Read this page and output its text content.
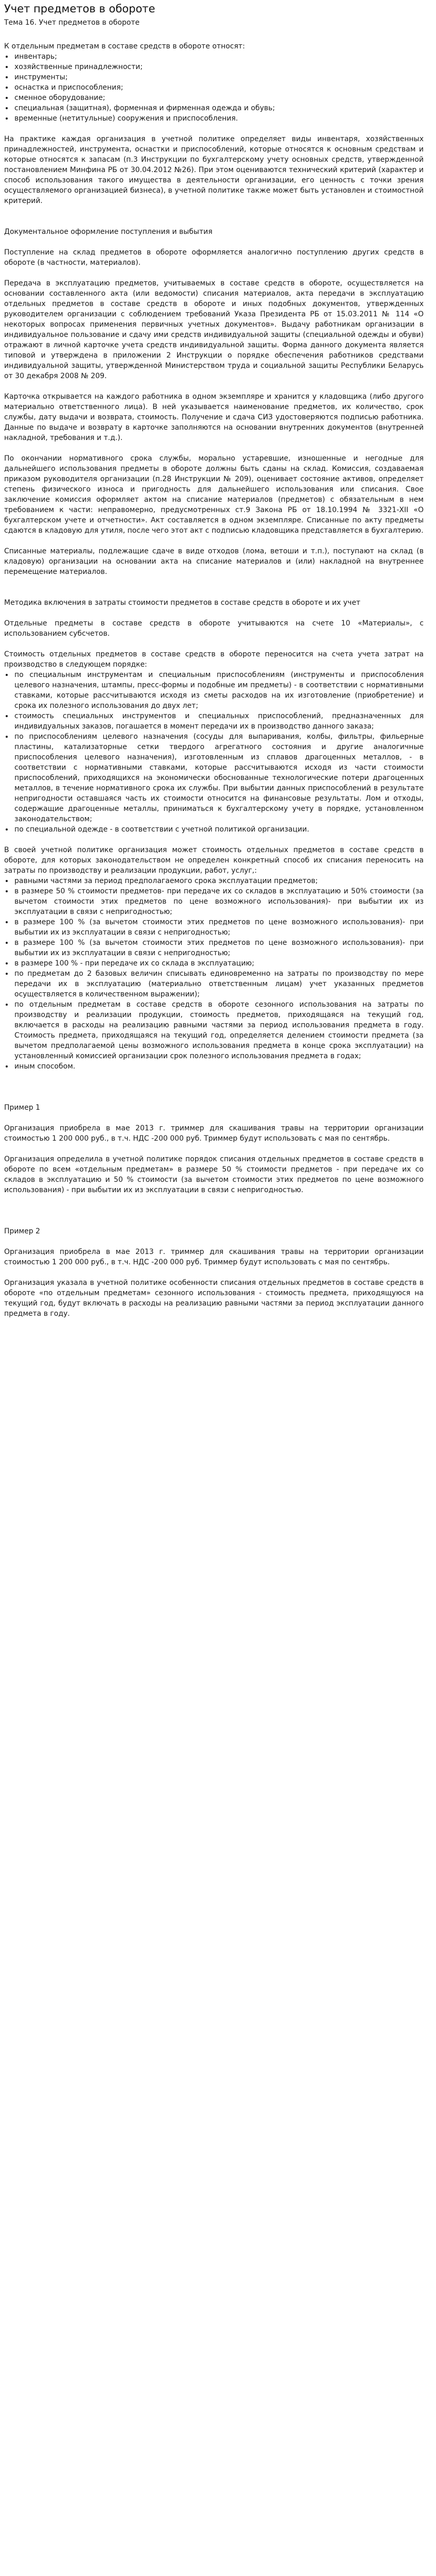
Учет предметов в обороте
Тема 16. Учет предметов в обороте

К отдельным предметам в составе средств в обороте относят:

• инвентарь;
• хозяйственные принадлежности;
• инструменты;
• оснастка и приспособления;
• сменное оборудование;
• специальная (защитная), форменная и фирменная одежда и обувь;
• временные (нетитульные) сооружения и приспособления.

На практике каждая организация в учетной политике определяет виды инвентаря, хозяйственных принадлежностей, инструмента, оснастки и приспособлений, которые относятся к основным средствам и которые относятся к запасам (п.3 Инструкции по бухгалтерскому учету основных средств, утвержденной постановлением Минфина РБ от 30.04.2012 №26). При этом оцениваются технический критерий (характер и способ использования такого имущества в деятельности организации, его ценность с точки зрения осуществляемого организацией бизнеса), в учетной политике также может быть установлен и стоимостной критерий.

Документальное оформление поступления и выбытия

Поступление на склад предметов в обороте оформляется аналогично поступлению других средств в обороте (в частности, материалов).

Передача в эксплуатацию предметов, учитываемых в составе средств в обороте, осуществляется на основании составленного акта (или ведомости) списания материалов, акта передачи в эксплуатацию отдельных предметов в составе средств в обороте и иных подобных документов, утвержденных руководителем организации с соблюдением требований Указа Президента РБ от 15.03.2011 № 114 «О некоторых вопросах применения первичных учетных документов». Выдачу работникам организации в индивидуальное пользование и сдачу ими средств индивидуальной защиты (специальной одежды и обуви) отражают в личной карточке учета средств индивидуальной защиты. Форма данного документа является типовой и утверждена в приложении 2 Инструкции о порядке обеспечения работников средствами индивидуальной защиты, утвержденной Министерством труда и социальной защиты Республики Беларусь от 30 декабря 2008 № 209.

Карточка открывается на каждого работника в одном экземпляре и хранится у кладовщика (либо другого материально ответственного лица). В ней указывается наименование предметов, их количество, срок службы, дату выдачи и возврата, стоимость. Получение и сдача СИЗ удостоверяются подписью работника. Данные по выдаче и возврату в карточке заполняются на основании внутренних документов (внутренней накладной, требования и т.д.).

По окончании нормативного срока службы, морально устаревшие, изношенные и негодные для дальнейшего использования предметы в обороте должны быть сданы на склад. Комиссия, создаваемая приказом руководителя организации (п.28 Инструкции № 209), оценивает состояние активов, определяет степень физического износа и пригодность для дальнейшего использования или списания. Свое заключение комиссия оформляет актом на списание материалов (предметов) с обязательным в нем требованием к части: неправомерно, предусмотренных ст.9 Закона РБ от 18.10.1994 № 3321-XII «О бухгалтерском учете и отчетности». Акт составляется в одном экземпляре. Списанные по акту предметы сдаются в кладовую для утиля, после чего этот акт с подписью кладовщика представляется в бухгалтерию.

Списанные материалы, подлежащие сдаче в виде отходов (лома, ветоши и т.п.), поступают на склад (в кладовую) организации на основании акта на списание материалов и (или) накладной на внутреннее перемещение материалов.

Методика включения в затраты стоимости предметов в составе средств в обороте и их учет

Отдельные предметы в составе средств в обороте учитываются на счете 10 «Материалы», с использованием субсчетов.

Стоимость отдельных предметов в составе средств в обороте переносится на счета учета затрат на производство в следующем порядке:

• по специальным инструментам и специальным приспособлениям (инструменты и приспособления целевого назначения, штампы, пресс-формы и подобные им предметы) - в соответствии с нормативными ставками, которые рассчитываются исходя из сметы расходов на их изготовление (приобретение) и срока их полезного использования до двух лет;
• стоимость специальных инструментов и специальных приспособлений, предназначенных для индивидуальных заказов, погашается в момент передачи их в производство данного заказа;
• по приспособлениям целевого назначения (сосуды для выпаривания, колбы, фильтры, фильерные пластины, катализаторные сетки твердого агрегатного состояния и другие аналогичные приспособления целевого назначения), изготовленным из сплавов драгоценных металлов, - в соответствии с нормативными ставками, которые рассчитываются исходя из части стоимости приспособлений, приходящихся на экономически обоснованные технологические потери драгоценных металлов, в течение нормативного срока их службы. При выбытии данных приспособлений в результате непригодности оставшаяся часть их стоимости относится на финансовые результаты. Лом и отходы, содержащие драгоценные металлы, приниматься к бухгалтерскому учету в порядке, установленном законодательством;
• по специальной одежде - в соответствии с учетной политикой организации.

В своей учетной политике организация может стоимость отдельных предметов в составе средств в обороте, для которых законодательством не определен конкретный способ их списания переносить на затраты по производству и реализации продукции, работ, услуг,:

• равными частями за период предполагаемого срока эксплуатации предметов;
• в размере 50 % стоимости предметов- при передаче их со складов в эксплуатацию и 50% стоимости (за вычетом стоимости этих предметов по цене возможного использования)- при выбытии их из эксплуатации в связи с непригодностью;
• в размере 100 % (за вычетом стоимости этих предметов по цене возможного использования)- при выбытии их из эксплуатации в связи с непригодностью;
• в размере 100 % (за вычетом стоимости этих предметов по цене возможного использования)- при выбытии их из эксплуатации в связи с непригодностью;
• в размере 100 % - при передаче их со склада в эксплуатацию;
• по предметам до 2 базовых величин списывать единовременно на затраты по производству по мере передачи их в эксплуатацию (материально ответственным лицам) учет указанных предметов осуществляется в количественном выражении);
• по отдельным предметам в составе средств в обороте сезонного использования на затраты по производству и реализации продукции, стоимость предметов, приходящаяся на текущий год, включается в расходы на реализацию равными частями за период использования предмета в году. Стоимость предмета, приходящаяся на текущий год, определяется делением стоимости предмета (за вычетом предполагаемой цены возможного использования предмета в конце срока эксплуатации) на установленный комиссией организации срок полезного использования предмета в годах;
• иным способом.

Пример 1

Организация приобрела в мае 2013 г. триммер для скашивания травы на территории организации стоимостью 1 200 000 руб., в т.ч. НДС -200 000 руб. Триммер будут использовать с мая по сентябрь.

Организация определила в учетной политике порядок списания отдельных предметов в составе средств в обороте по всем «отдельным предметам» в размере 50 % стоимости предметов - при передаче их со складов в эксплуатацию и 50 % стоимости (за вычетом стоимости этих предметов по цене возможного использования) - при выбытии их из эксплуатации в связи с непригодностью.

Пример 2

Организация приобрела в мае 2013 г. триммер для скашивания травы на территории организации стоимостью 1 200 000 руб., в т.ч. НДС -200 000 руб. Триммер будут использовать с мая по сентябрь.

Организация указала в учетной политике особенности списания отдельных предметов в составе средств в обороте «по отдельным предметам» сезонного использования - стоимость предмета, приходящуюся на текущий год, будут включать в расходы на реализацию равными частями за период эксплуатации данного предмета в году.
